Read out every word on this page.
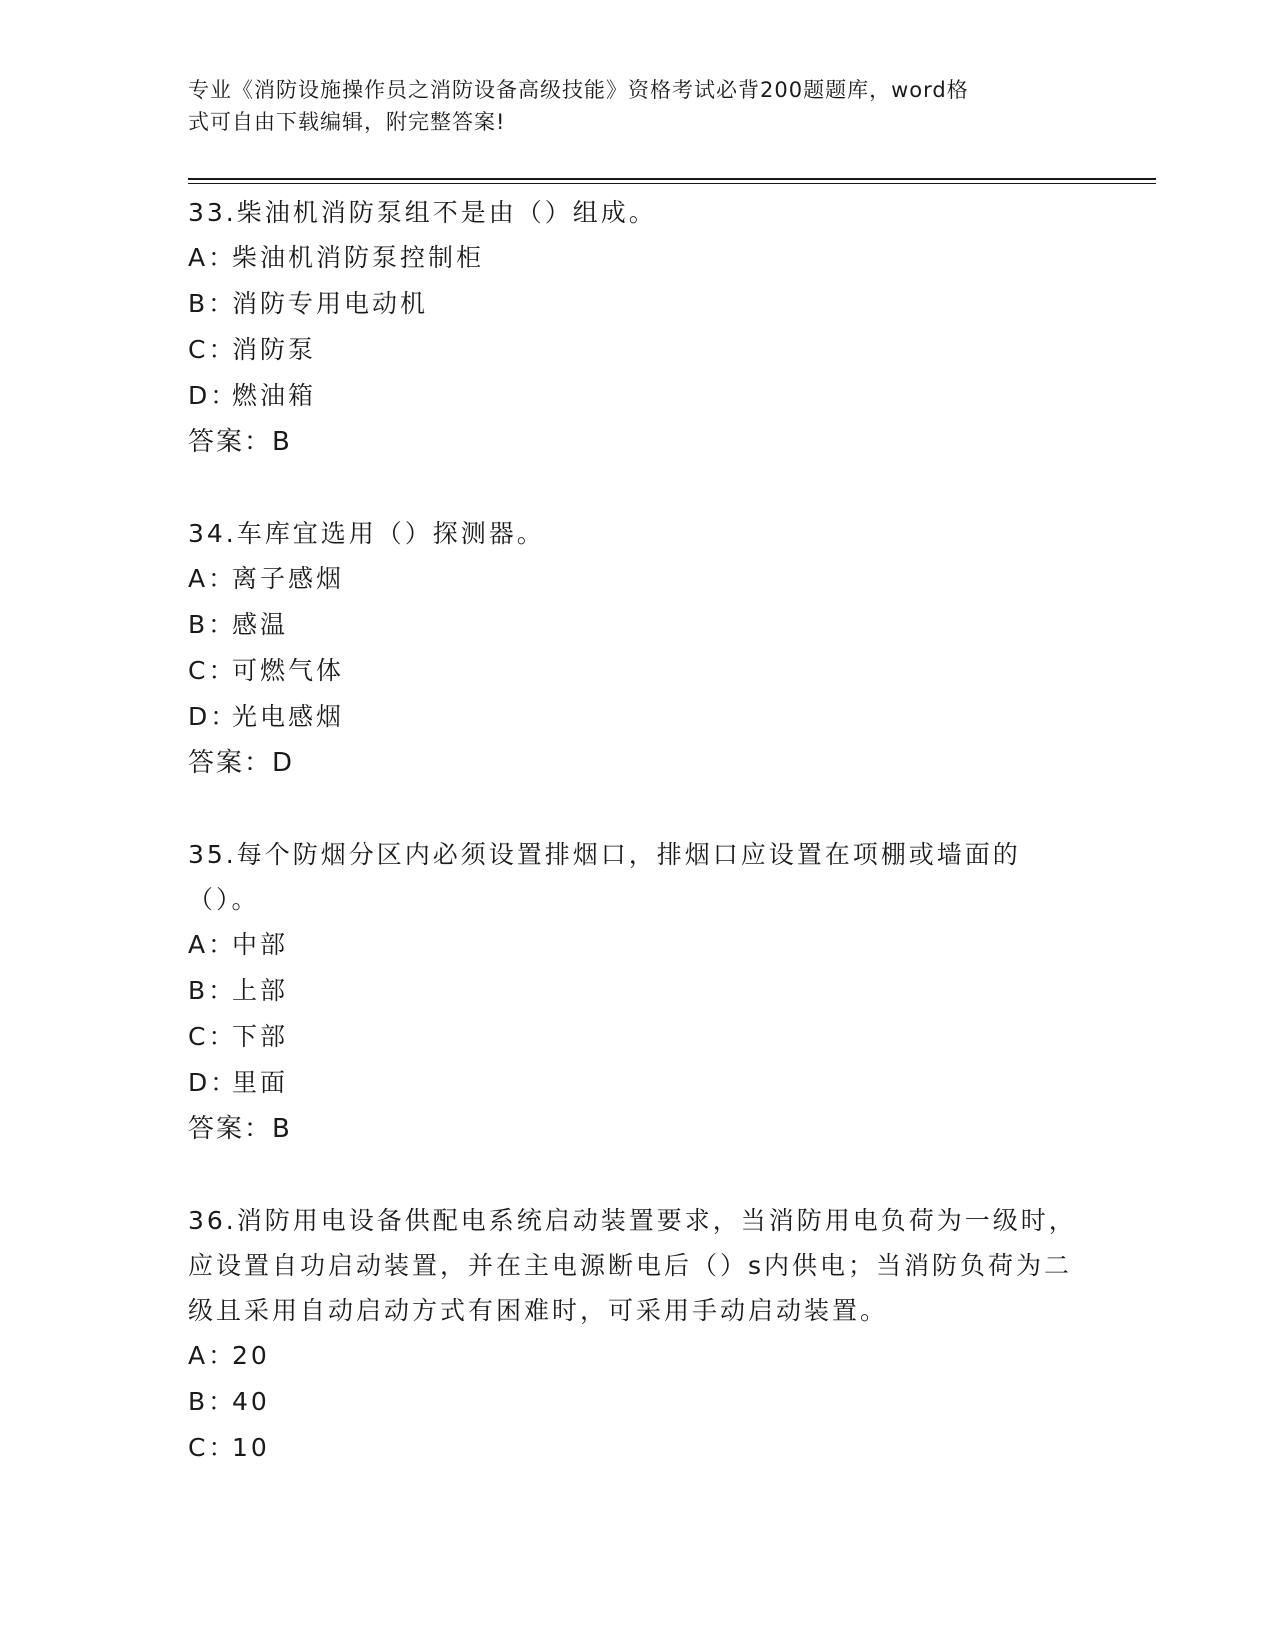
专业《消防设施操作员之消防设备高级技能》资格考试必背200题题库，word格
式可自由下载编辑，附完整答案!

33.柴油机消防泵组不是由（）组成。

A：柴油机消防泵控制柜

B：消防专用电动机

C：消防泵

D：燃油箱

答案：B

34.车库宜选用（）探测器。

A：离子感烟

B：感温

C：可燃气体

D：光电感烟

答案：D

35.每个防烟分区内必须设置排烟口，排烟口应设置在项棚或墙面的（）。

A：中部

B：上部

C：下部

D：里面

答案：B

36.消防用电设备供配电系统启动装置要求，当消防用电负荷为一级时，应设置自功启动装置，并在主电源断电后（）s内供电；当消防负荷为二级且采用自动启动方式有困难时，可采用手动启动装置。

A：20

B：40

C：10
